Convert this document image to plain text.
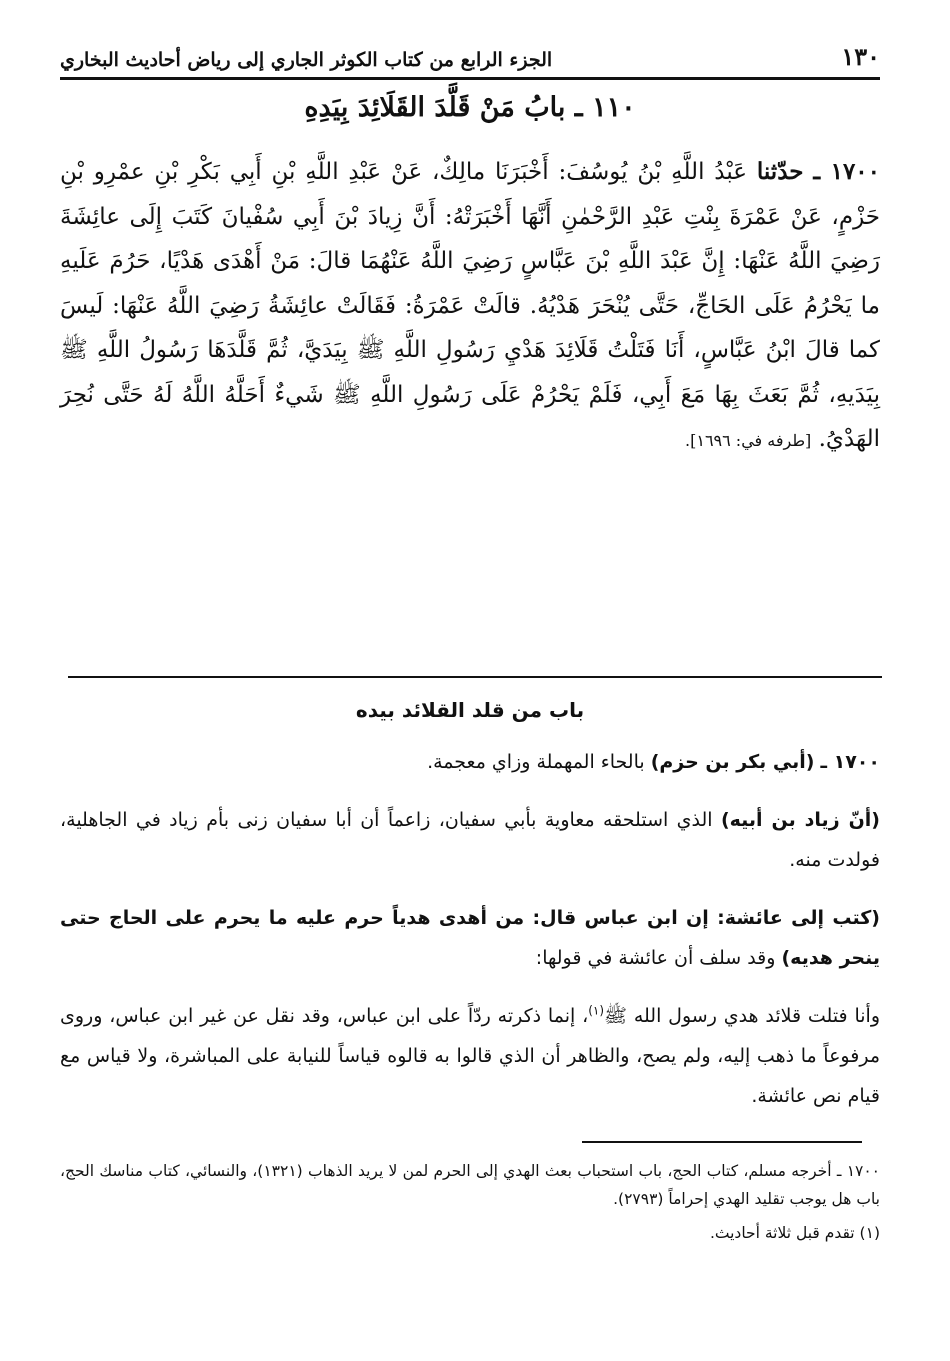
١٣٠
الجزء الرابع من كتاب الكوثر الجاري إلى رياض أحاديث البخاري
١١٠ ـ بابُ مَنْ قَلَّدَ القَلَائِدَ بِيَدِهِ
١٧٠٠ ـ حدّثنا عَبْدُ اللَّهِ بْنُ يُوسُفَ: أَخْبَرَنَا مالِكٌ، عَنْ عَبْدِ اللَّهِ بْنِ أَبِي بَكْرِ بْنِ عمْرِو بْنِ حَزْمٍ، عَنْ عَمْرَةَ بِنْتِ عَبْدِ الرَّحْمٰنِ أَنَّهَا أَخْبَرَتْهُ: أَنَّ زِيادَ بْنَ أَبِي سُفْيانَ كَتَبَ إِلَى عائِشَةَ رَضِيَ اللَّهُ عَنْهَا: إِنَّ عَبْدَ اللَّهِ بْنَ عَبَّاسٍ رَضِيَ اللَّهُ عَنْهُمَا قالَ: مَنْ أَهْدَى هَدْيًا، حَرُمَ عَلَيهِ ما يَحْرُمُ عَلَى الحَاجِّ، حَتَّى يُنْحَرَ هَدْيُهُ. قالَتْ عَمْرَةُ: فَقَالَتْ عائِشَةُ رَضِيَ اللَّهُ عَنْهَا: لَيسَ كما قالَ ابْنُ عَبَّاسٍ، أَنَا فَتَلْتُ قَلَائِدَ هَدْيِ رَسُولِ اللَّهِ ﷺ بِيَدَيَّ، ثُمَّ قَلَّدَهَا رَسُولُ اللَّهِ ﷺ بِيَدَيهِ، ثُمَّ بَعَثَ بِهَا مَعَ أَبِي، فَلَمْ يَحْرُمْ عَلَى رَسُولِ اللَّهِ ﷺ شَيءٌ أَحَلَّهُ اللَّهُ لَهُ حَتَّى نُحِرَ الهَدْيُ. [طرفه في: ١٦٩٦].
باب من قلد القلائد بيده

١٧٠٠ ـ (أبي بكر بن حزم) بالحاء المهملة وزاي معجمة.

(أنّ زياد بن أبيه) الذي استلحقه معاوية بأبي سفيان، زاعماً أن أبا سفيان زنى بأم زياد في الجاهلية، فولدت منه.

(كتب إلى عائشة: إن ابن عباس قال: من أهدى هدياً حرم عليه ما يحرم على الحاج حتى ينحر هديه) وقد سلف أن عائشة في قولها:

وأنا فتلت قلائد هدي رسول الله ﷺ$^{(١)}$، إنما ذكرته ردّاً على ابن عباس، وقد نقل عن غير ابن عباس، وروى مرفوعاً ما ذهب إليه، ولم يصح، والظاهر أن الذي قالوا به قالوه قياساً للنيابة على المباشرة، ولا قياس مع قيام نص عائشة.

١٧٠٠ ـ أخرجه مسلم، كتاب الحج، باب استحباب بعث الهدي إلى الحرم لمن لا يريد الذهاب (١٣٢١)، والنسائي، كتاب مناسك الحج، باب هل يوجب تقليد الهدي إحراماً (٢٧٩٣).

(١) تقدم قبل ثلاثة أحاديث.
